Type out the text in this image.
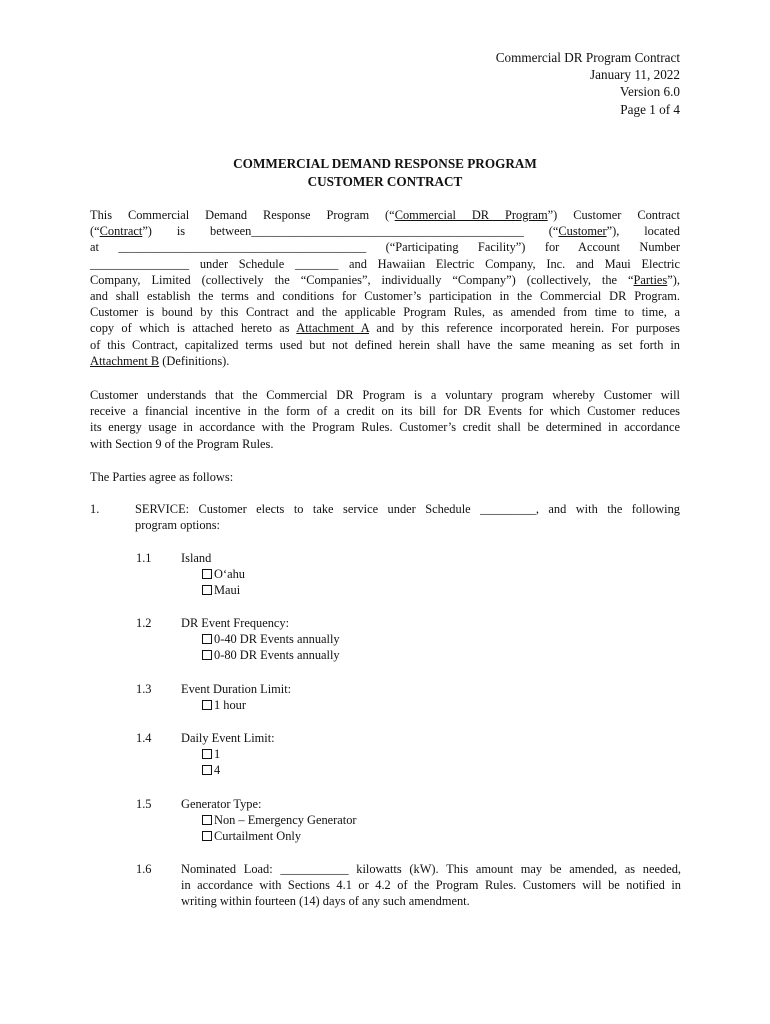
Commercial DR Program Contract
January 11, 2022
Version 6.0
Page 1 of 4
COMMERCIAL DEMAND RESPONSE PROGRAM
CUSTOMER CONTRACT
This Commercial Demand Response Program (“Commercial DR Program”) Customer Contract
(“Contract”) is between____________________________________________ (“Customer”), located
at ________________________________________ (“Participating Facility”) for Account Number
________________ under Schedule _______ and Hawaiian Electric Company, Inc. and Maui Electric
Company, Limited (collectively the “Companies”, individually “Company”) (collectively, the “Parties”),
and shall establish the terms and conditions for Customer’s participation in the Commercial DR Program.
Customer is bound by this Contract and the applicable Program Rules, as amended from time to time, a
copy of which is attached hereto as Attachment A and by this reference incorporated herein. For purposes
of this Contract, capitalized terms used but not defined herein shall have the same meaning as set forth in
Attachment B (Definitions).
Customer understands that the Commercial DR Program is a voluntary program whereby Customer will
receive a financial incentive in the form of a credit on its bill for DR Events for which Customer reduces
its energy usage in accordance with the Program Rules. Customer’s credit shall be determined in accordance
with Section 9 of the Program Rules.
The Parties agree as follows:
1.	SERVICE: Customer elects to take service under Schedule _________, and with the following
program options:
1.1 Island
O‘ahu
Maui
1.2 DR Event Frequency:
0-40 DR Events annually
0-80 DR Events annually
1.3 Event Duration Limit:
1 hour
1.4 Daily Event Limit:
1
4
1.5 Generator Type:
Non – Emergency Generator
Curtailment Only
1.6 Nominated Load: ___________ kilowatts (kW). This amount may be amended, as needed,
in accordance with Sections 4.1 or 4.2 of the Program Rules. Customers will be notified in
writing within fourteen (14) days of any such amendment.
